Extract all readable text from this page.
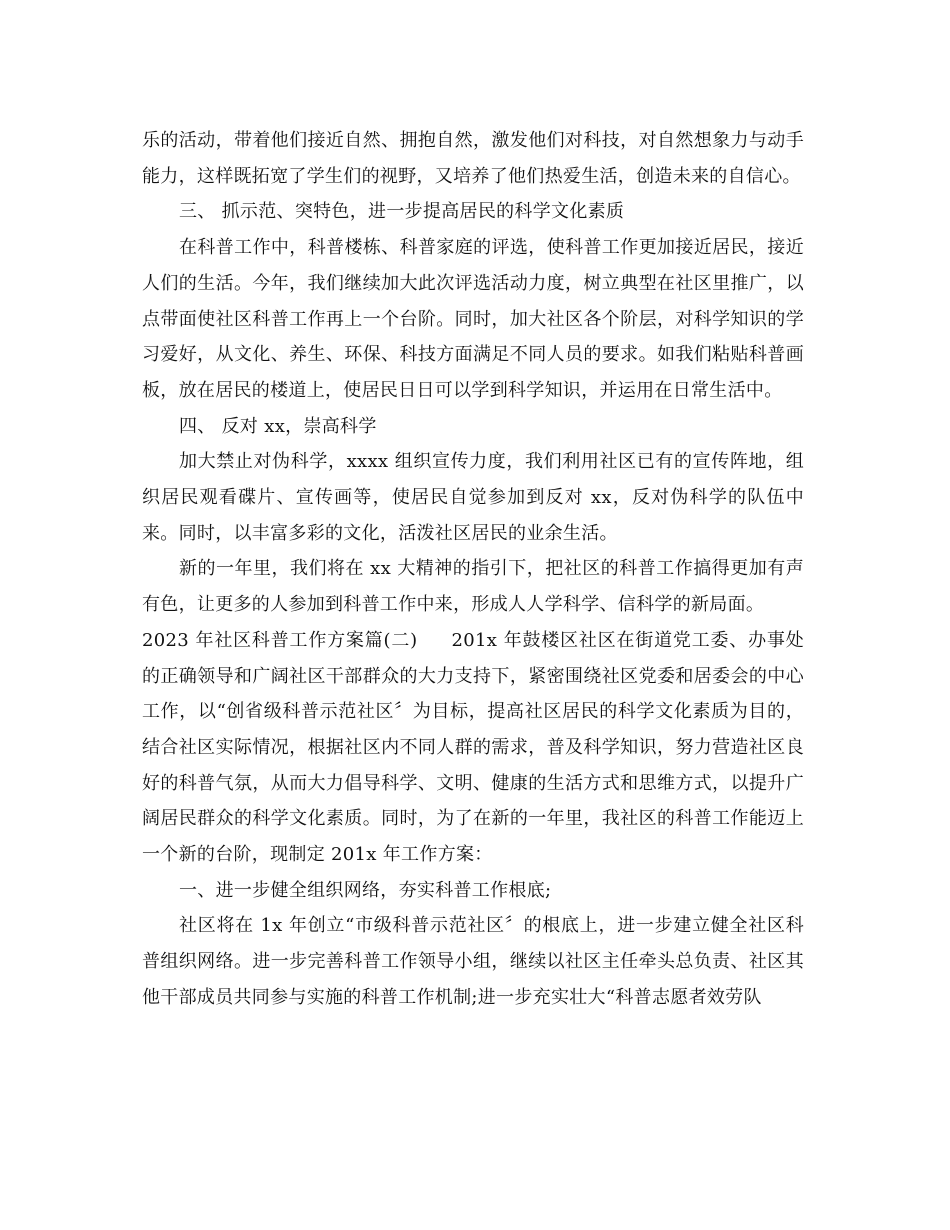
乐的活动，带着他们接近自然、拥抱自然，激发他们对科技，对自然想象力与动手能力，这样既拓宽了学生们的视野，又培养了他们热爱生活，创造未来的自信心。

三、 抓示范、突特色，进一步提高居民的科学文化素质

在科普工作中，科普楼栋、科普家庭的评选，使科普工作更加接近居民，接近人们的生活。今年，我们继续加大此次评选活动力度，树立典型在社区里推广，以点带面使社区科普工作再上一个台阶。同时，加大社区各个阶层，对科学知识的学习爱好，从文化、养生、环保、科技方面满足不同人员的要求。如我们粘贴科普画板，放在居民的楼道上，使居民日日可以学到科学知识，并运用在日常生活中。

四、 反对 xx，崇高科学

加大禁止对伪科学，xxxx 组织宣传力度，我们利用社区已有的宣传阵地，组织居民观看碟片、宣传画等，使居民自觉参加到反对 xx，反对伪科学的队伍中来。同时，以丰富多彩的文化，活泼社区居民的业余生活。

新的一年里，我们将在 xx 大精神的指引下，把社区的科普工作搞得更加有声有色，让更多的人参加到科普工作中来，形成人人学科学、信科学的新局面。

2023 年社区科普工作方案篇(二) 201x 年鼓楼区社区在街道党工委、办事处的正确领导和广阔社区干部群众的大力支持下，紧密围绕社区党委和居委会的中心工作，以“创省级科普示范社区〞为目标，提高社区居民的科学文化素质为目的，结合社区实际情况，根据社区内不同人群的需求，普及科学知识，努力营造社区良好的科普气氛，从而大力倡导科学、文明、健康的生活方式和思维方式，以提升广阔居民群众的科学文化素质。同时，为了在新的一年里，我社区的科普工作能迈上一个新的台阶，现制定 201x 年工作方案：

一、进一步健全组织网络，夯实科普工作根底;

社区将在 1x 年创立“市级科普示范社区〞的根底上，进一步建立健全社区科普组织网络。进一步完善科普工作领导小组，继续以社区主任牵头总负责、社区其他干部成员共同参与实施的科普工作机制;进一步充实壮大“科普志愿者效劳队
